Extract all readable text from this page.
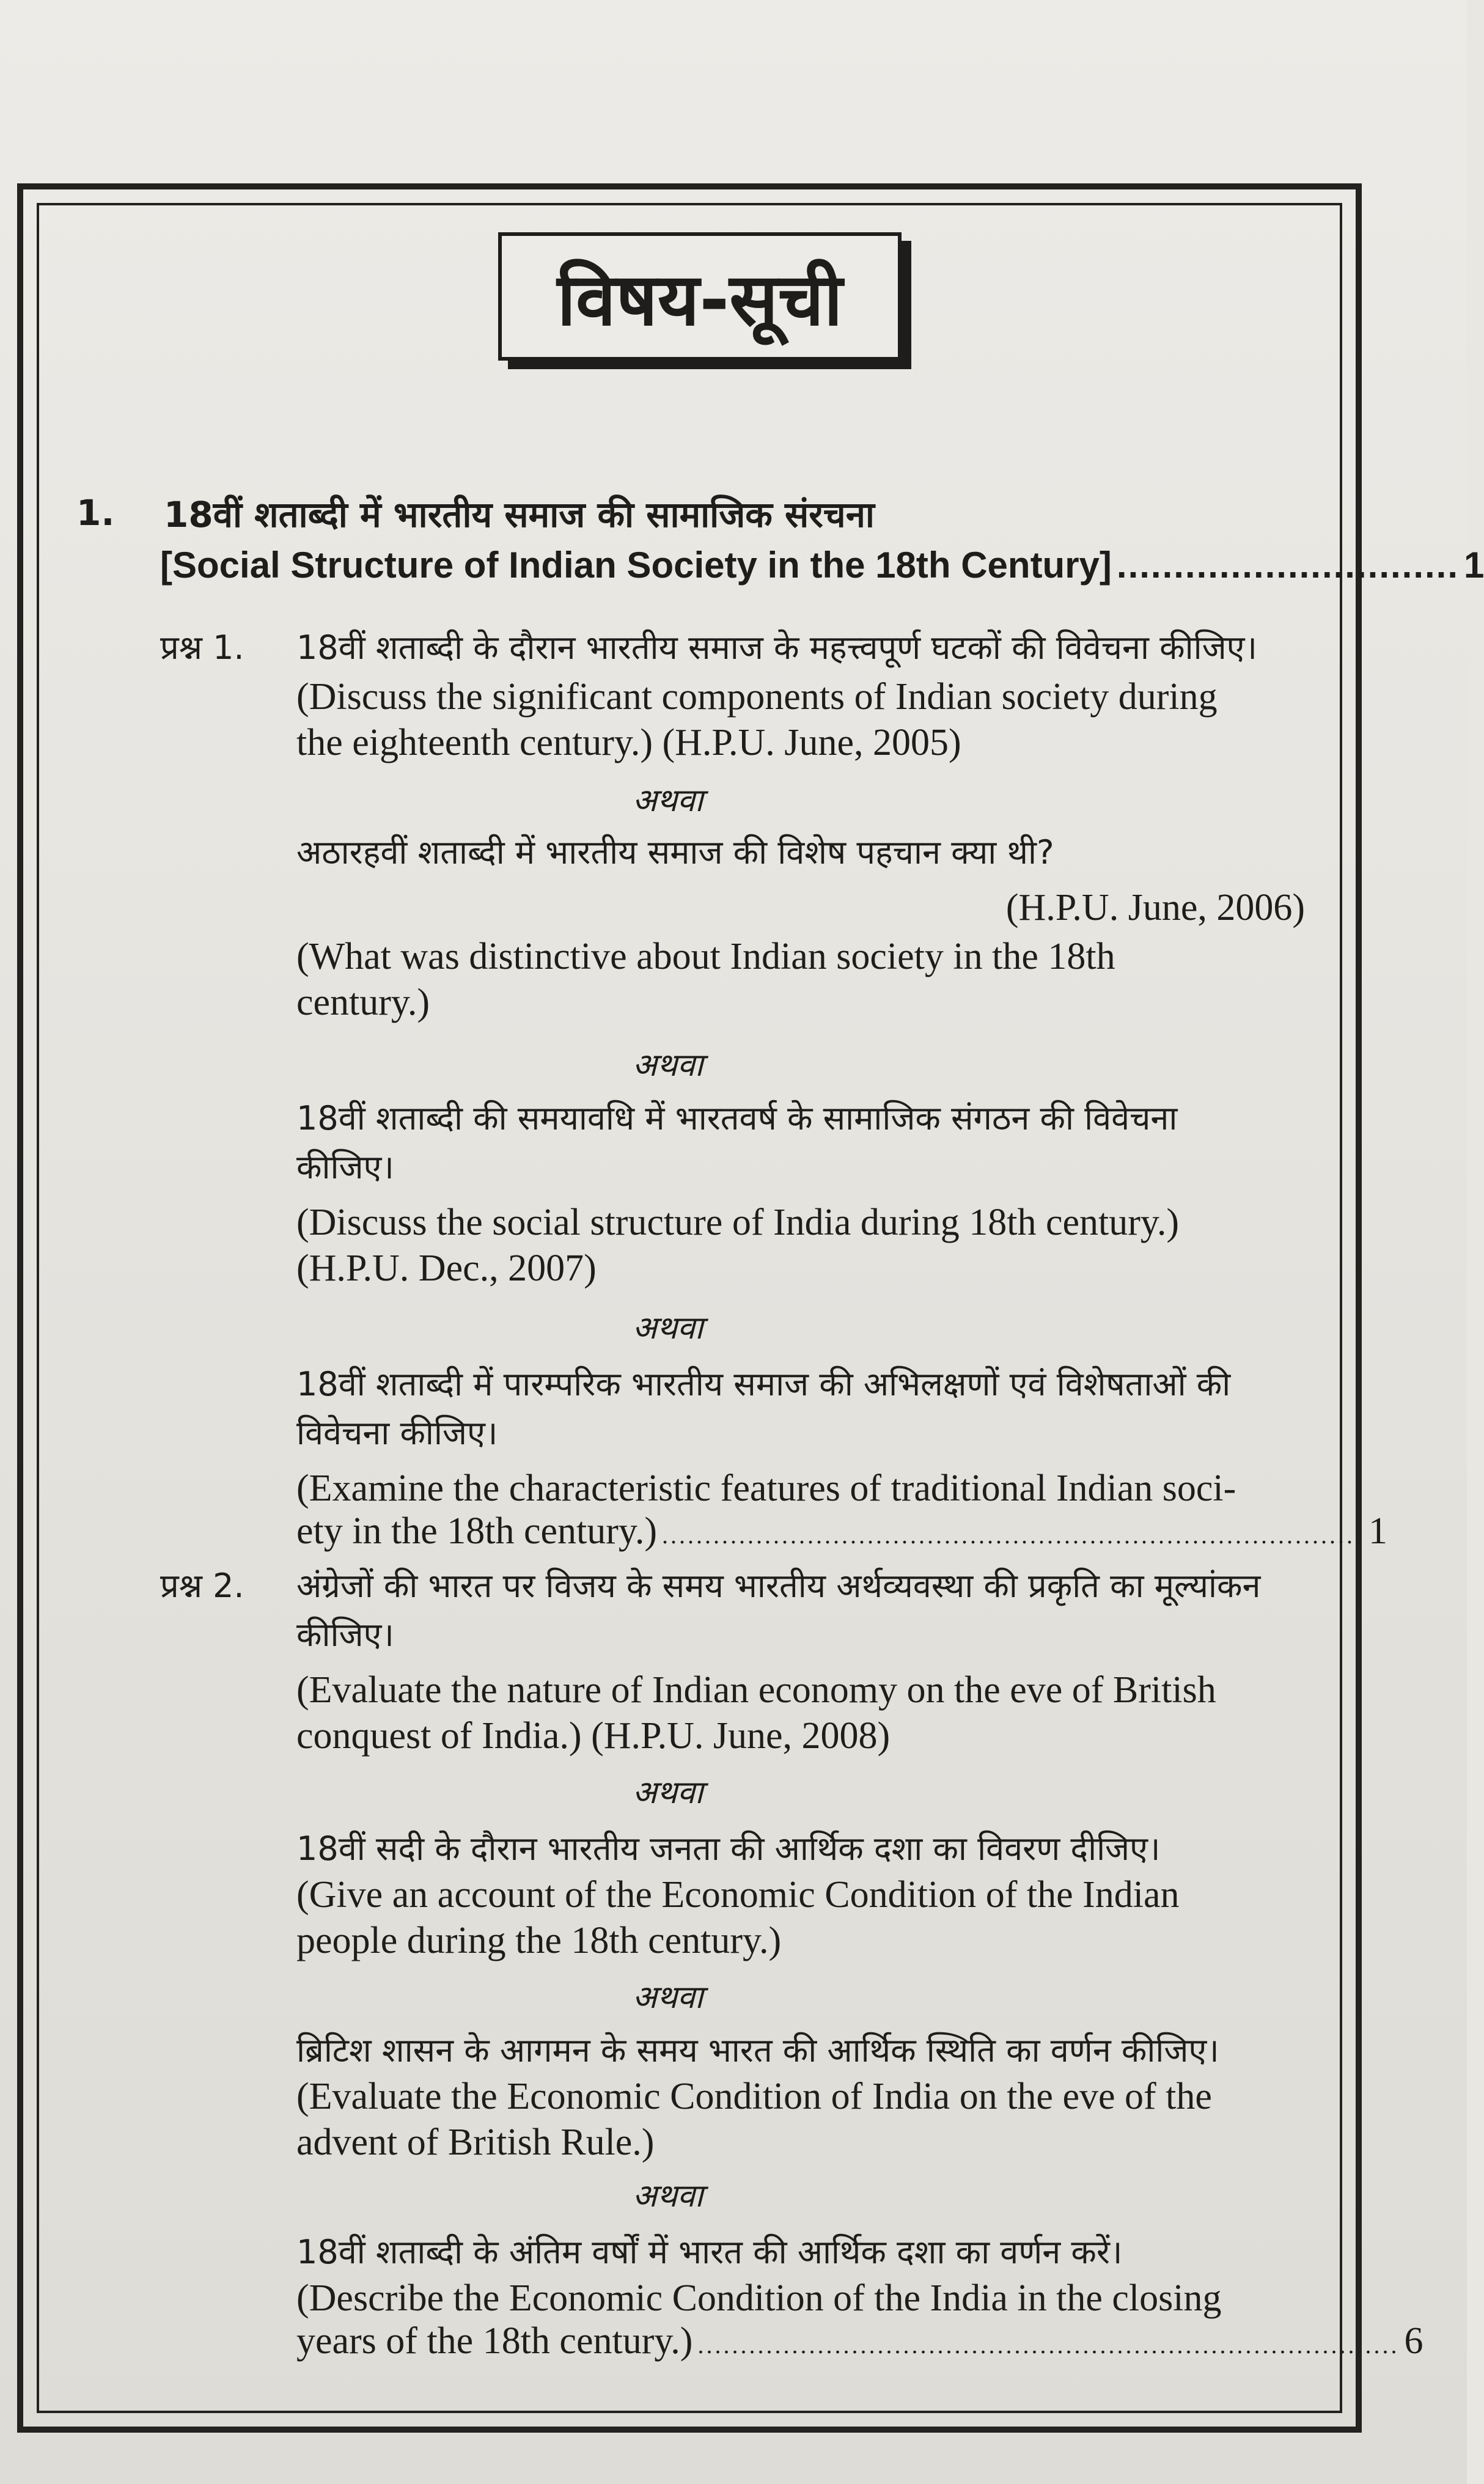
विषय-सूची
1. 18वीं शताब्दी में भारतीय समाज की सामाजिक संरचना
[Social Structure of Indian Society in the 18th Century] .............................. 1
प्रश्न 1. 18वीं शताब्दी के दौरान भारतीय समाज के महत्त्वपूर्ण घटकों की विवेचना कीजिए।
(Discuss the significant components of Indian society during
the eighteenth century.) (H.P.U. June, 2005)
अथवा
अठारहवीं शताब्दी में भारतीय समाज की विशेष पहचान क्या थी?
(H.P.U. June, 2006)
(What was distinctive about Indian society in the 18th
century.)
अथवा
18वीं शताब्दी की समयावधि में भारतवर्ष के सामाजिक संगठन की विवेचना
कीजिए।
(Discuss the social structure of India during 18th century.)
(H.P.U. Dec., 2007)
अथवा
18वीं शताब्दी में पारम्परिक भारतीय समाज की अभिलक्षणों एवं विशेषताओं की
विवेचना कीजिए।
(Examine the characteristic features of traditional Indian soci-
ety in the 18th century.) .................................................................................. 1
प्रश्न 2. अंग्रेजों की भारत पर विजय के समय भारतीय अर्थव्यवस्था की प्रकृति का मूल्यांकन
कीजिए।
(Evaluate the nature of Indian economy on the eve of British
conquest of India.) (H.P.U. June, 2008)
अथवा
18वीं सदी के दौरान भारतीय जनता की आर्थिक दशा का विवरण दीजिए।
(Give an account of the Economic Condition of the Indian
people during the 18th century.)
अथवा
ब्रिटिश शासन के आगमन के समय भारत की आर्थिक स्थिति का वर्णन कीजिए।
(Evaluate the Economic Condition of India on the eve of the
advent of British Rule.)
अथवा
18वीं शताब्दी के अंतिम वर्षों में भारत की आर्थिक दशा का वर्णन करें।
(Describe the Economic Condition of the India in the closing
years of the 18th century.) .................................................................................. 6
